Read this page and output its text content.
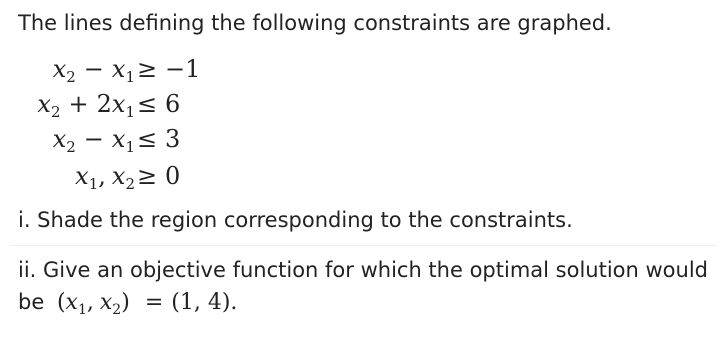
The lines defining the following constraints are graphed.
$x_2 - x_1 \ge -1$
$x_2 + 2x_1 \le 6$
$x_2 - x_1 \le 3$
$x_1$, $x_2 \ge 0$
i. Shade the region corresponding to the constraints.
ii. Give an objective function for which the optimal solution would
be ($x_1$, $x_2) = (1$, 4).
